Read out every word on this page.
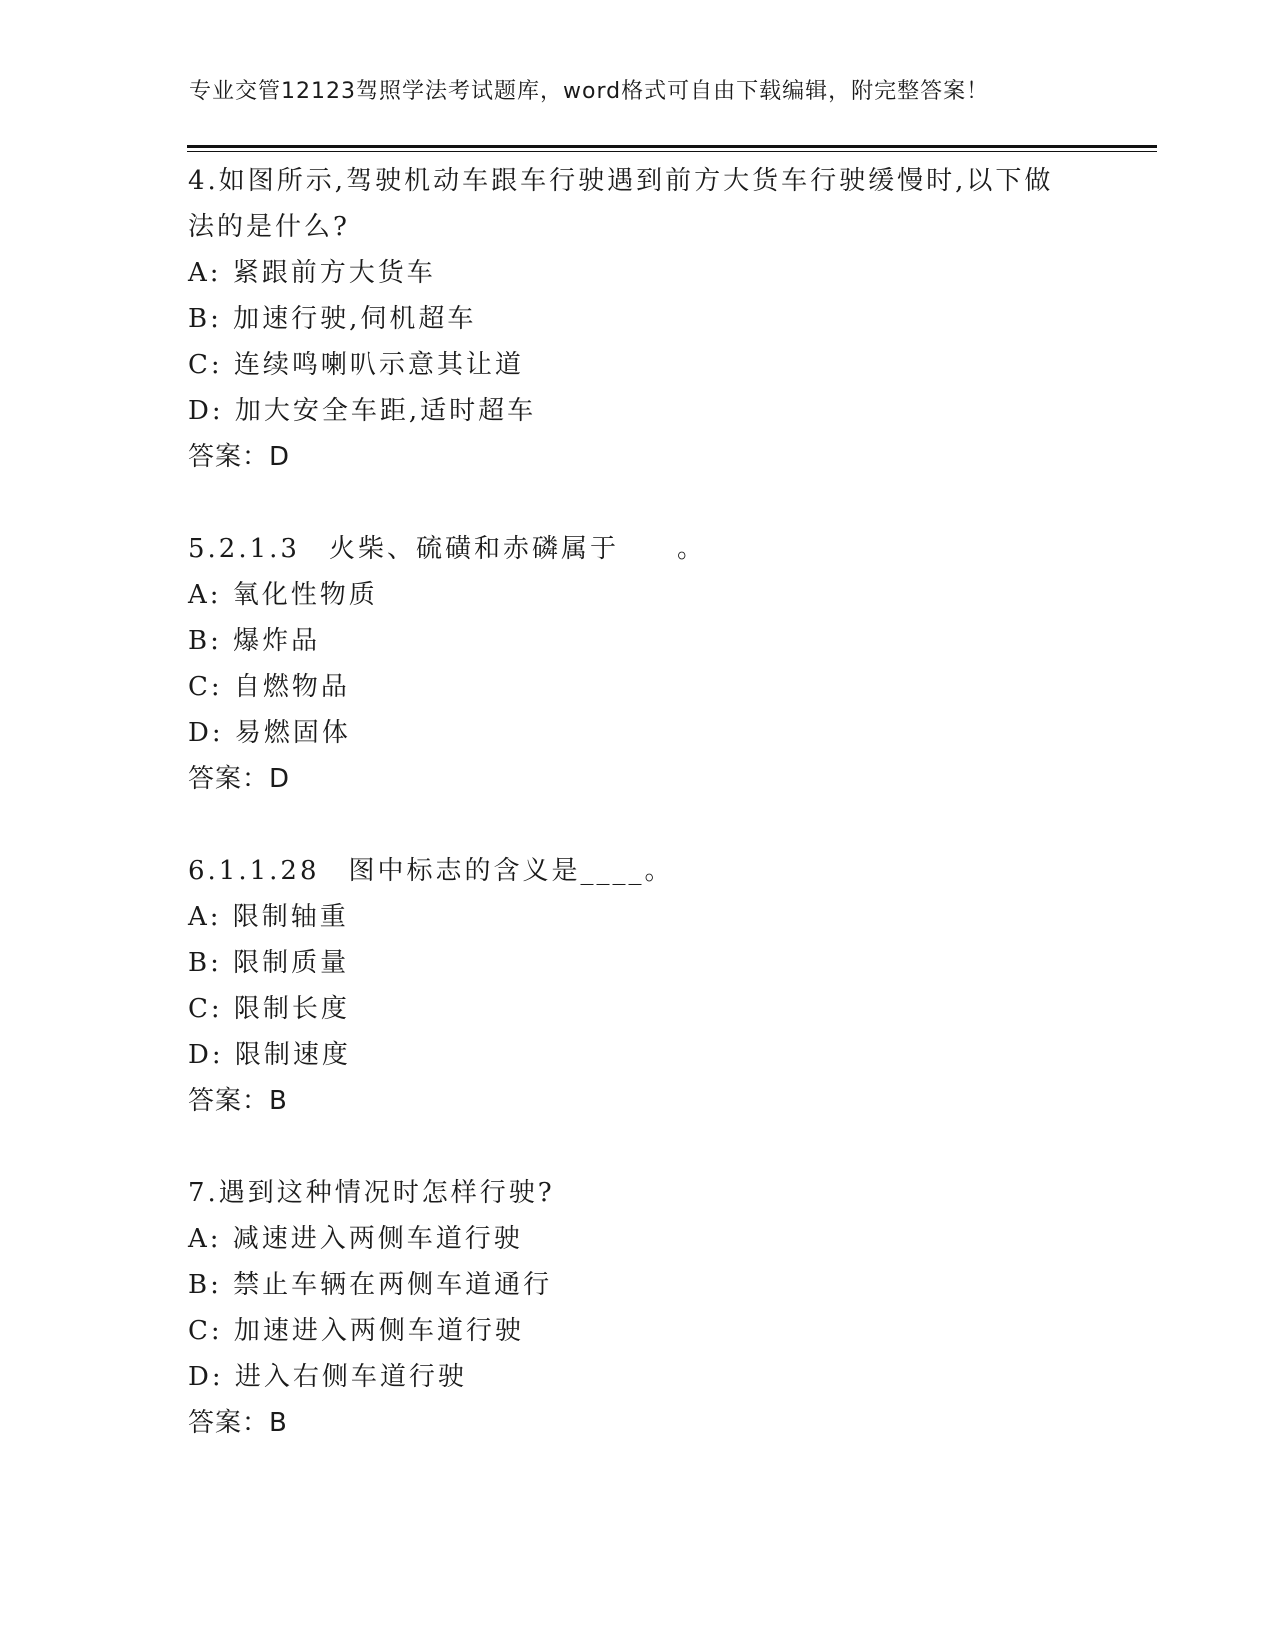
专业交管12123驾照学法考试题库，word格式可自由下载编辑，附完整答案！
4.如图所示,驾驶机动车跟车行驶遇到前方大货车行驶缓慢时,以下做
法的是什么?
A: 紧跟前方大货车
B: 加速行驶,伺机超车
C: 连续鸣喇叭示意其让道
D: 加大安全车距,适时超车
答案：D
5.2.1.3　火柴、硫磺和赤磷属于　　。
A: 氧化性物质
B: 爆炸品
C: 自燃物品
D: 易燃固体
答案：D
6.1.1.28　图中标志的含义是____。
A: 限制轴重
B: 限制质量
C: 限制长度
D: 限制速度
答案：B
7.遇到这种情况时怎样行驶?
A: 减速进入两侧车道行驶
B: 禁止车辆在两侧车道通行
C: 加速进入两侧车道行驶
D: 进入右侧车道行驶
答案：B
